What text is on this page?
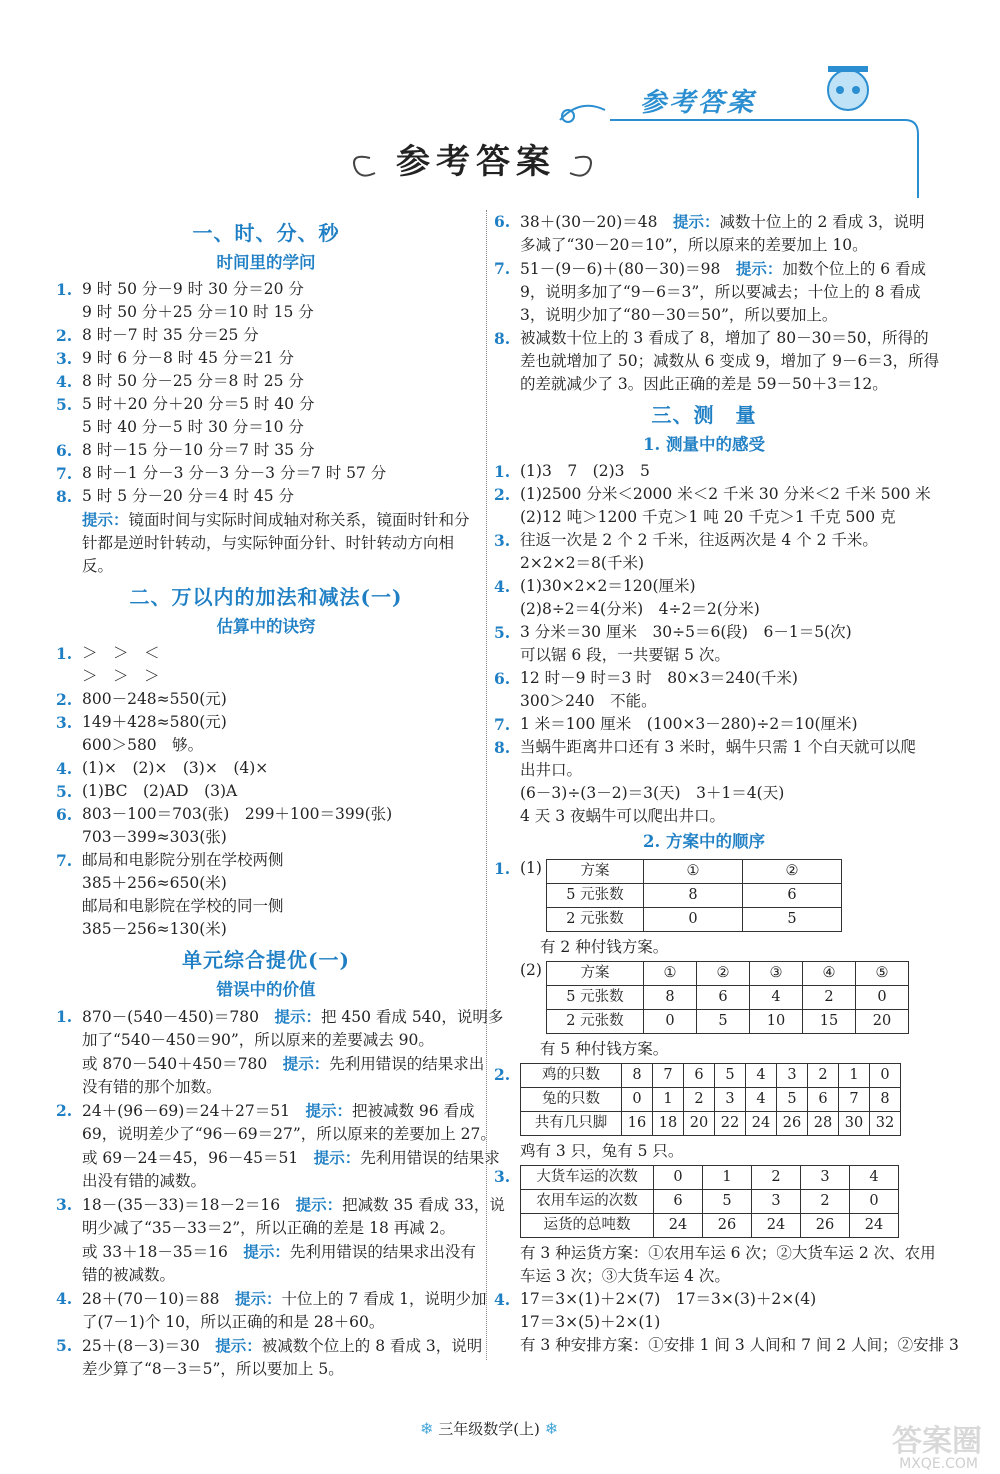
参考答案
参考答案
一、时、分、秒
时间里的学问
1. 9 时 50 分－9 时 30 分＝20 分
9 时 50 分＋25 分＝10 时 15 分
2. 8 时－7 时 35 分＝25 分
3. 9 时 6 分－8 时 45 分＝21 分
4. 8 时 50 分－25 分＝8 时 25 分
5. 5 时＋20 分＋20 分＝5 时 40 分
5 时 40 分－5 时 30 分＝10 分
6. 8 时－15 分－10 分＝7 时 35 分
7. 8 时－1 分－3 分－3 分－3 分＝7 时 57 分
8. 5 时 5 分－20 分＝4 时 45 分
提示：镜面时间与实际时间成轴对称关系，镜面时针和分针都是逆时针转动，与实际钟面分针、时针转动方向相反。
二、万以内的加法和减法(一)
估算中的诀窍
1. ＞　＞　＜
＞　＞　＞
2. 800－248≈550(元)
3. 149＋428≈580(元)
600＞580　够。
4. (1)×　(2)×　(3)×　(4)×
5. (1)BC　(2)AD　(3)A
6. 803－100＝703(张)　299＋100＝399(张)
703－399≈303(张)
7. 邮局和电影院分别在学校两侧
385＋256≈650(米)
邮局和电影院在学校的同一侧
385－256≈130(米)
单元综合提优(一)
错误中的价值
1. 870－(540－450)＝780　提示：把 450 看成 540，说明多
加了“540－450＝90”，所以原来的差要减去 90。
或 870－540＋450＝780　提示：先利用错误的结果求出
没有错的那个加数。
2. 24＋(96－69)＝24＋27＝51　提示：把被减数 96 看成
69，说明差少了“96－69＝27”，所以原来的差要加上 27。
或 69－24＝45，96－45＝51　提示：先利用错误的结果求
出没有错的减数。
3. 18－(35－33)＝18－2＝16　提示：把减数 35 看成 33，说
明少减了“35－33＝2”，所以正确的差是 18 再减 2。
或 33＋18－35＝16　提示：先利用错误的结果求出没有
错的被减数。
4. 28＋(70－10)＝88　提示：十位上的 7 看成 1，说明少加
了(7－1)个 10，所以正确的和是 28＋60。
5. 25＋(8－3)＝30　提示：被减数个位上的 8 看成 3，说明
差少算了“8－3＝5”，所以要加上 5。
6. 38＋(30－20)＝48　提示：减数十位上的 2 看成 3，说明
多减了“30－20＝10”，所以原来的差要加上 10。
7. 51－(9－6)＋(80－30)＝98　提示：加数个位上的 6 看成
9，说明多加了“9－6＝3”，所以要减去；十位上的 8 看成
3，说明少加了“80－30＝50”，所以要加上。
8. 被减数十位上的 3 看成了 8，增加了 80－30＝50，所得的
差也就增加了 50；减数从 6 变成 9，增加了 9－6＝3，所得
的差就减少了 3。因此正确的差是 59－50＋3＝12。
三、测　量
1. 测量中的感受
1. (1)3　7　(2)3　5
2. (1)2500 分米＜2000 米＜2 千米 30 分米＜2 千米 500 米
(2)12 吨＞1200 千克＞1 吨 20 千克＞1 千克 500 克
3. 往返一次是 2 个 2 千米，往返两次是 4 个 2 千米。
2×2×2＝8(千米)
4. (1)30×2×2＝120(厘米)
(2)8÷2＝4(分米)　4÷2＝2(分米)
5. 3 分米＝30 厘米　30÷5＝6(段)　6－1＝5(次)
可以锯 6 段，一共要锯 5 次。
6. 12 时－9 时＝3 时　80×3＝240(千米)
300＞240　不能。
7. 1 米＝100 厘米　(100×3－280)÷2＝10(厘米)
8. 当蜗牛距离井口还有 3 米时，蜗牛只需 1 个白天就可以爬
出井口。
(6－3)÷(3－2)＝3(天)　3＋1＝4(天)
4 天 3 夜蜗牛可以爬出井口。
2. 方案中的顺序
1. (1)	方案	①	②
5 元张数	8	6
2 元张数	0	5
有 2 种付钱方案。
(2)	方案	①	②	③	④	⑤
5 元张数	8	6	4	2	0
2 元张数	0	5	10	15	20
有 5 种付钱方案。
2.	鸡的只数	8	7	6	5	4	3	2	1	0
兔的只数	0	1	2	3	4	5	6	7	8
共有几只脚	16	18	20	22	24	26	28	30	32
鸡有 3 只，兔有 5 只。
3.	大货车运的次数	0	1	2	3	4
农用车运的次数	6	5	3	2	0
运货的总吨数	24	26	24	26	24
有 3 种运货方案：①农用车运 6 次；②大货车运 2 次、农用
车运 3 次；③大货车运 4 次。
4. 17＝3×(1)＋2×(7)　17＝3×(3)＋2×(4)
17＝3×(5)＋2×(1)
有 3 种安排方案：①安排 1 间 3 人间和 7 间 2 人间；②安排 3
❄ 三年级数学(上) ❄	答案圈
MXQE.COM
